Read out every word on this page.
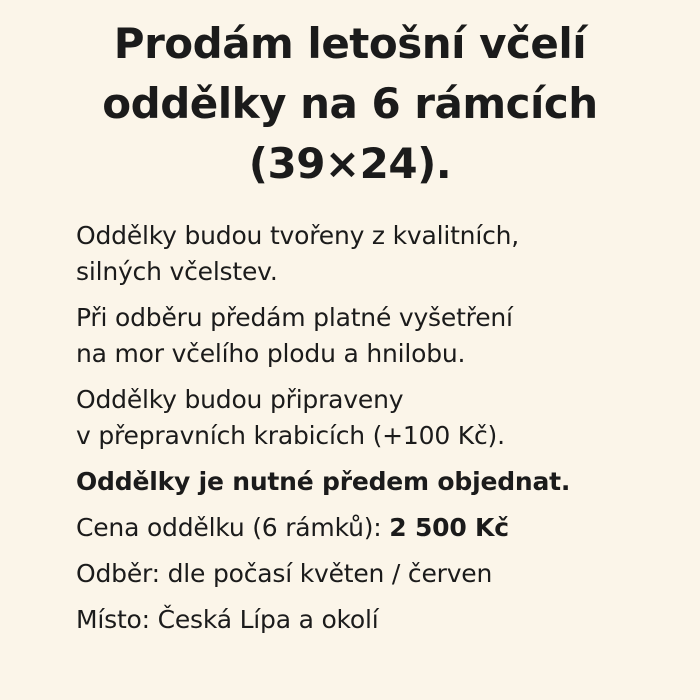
Prodám letošní včelí
oddělky na 6 rámcích
(39×24).

Oddělky budou tvořeny z kvalitních,
silných včelstev.

Při odběru předám platné vyšetření
na mor včelího plodu a hnilobu.

Oddělky budou připraveny
v přepravních krabicích (+100 Kč).

Oddělky je nutné předem objednat.

Cena oddělku (6 rámků): 2 500 Kč

Odběr: dle počasí květen / červen

Místo: Česká Lípa a okolí
